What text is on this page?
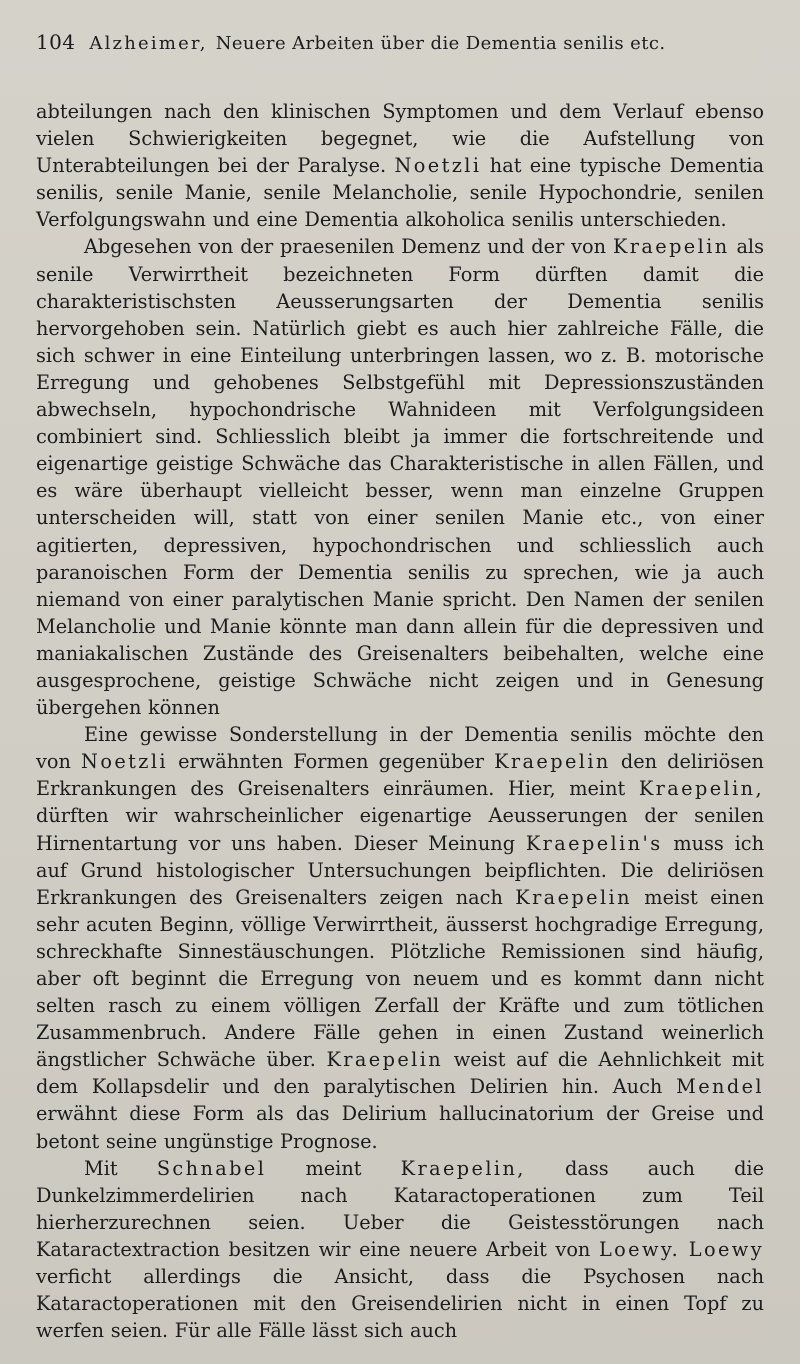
104 Alzheimer, Neuere Arbeiten über die Dementia senilis etc.

abteilungen nach den klinischen Symptomen und dem Verlauf ebenso vielen Schwierigkeiten begegnet, wie die Aufstellung von Unterabteilungen bei der Paralyse. Noetzli hat eine typische Dementia senilis, senile Manie, senile Melancholie, senile Hypochondrie, senilen Verfolgungswahn und eine Dementia alkoholica senilis unterschieden.

Abgesehen von der praesenilen Demenz und der von Kraepelin als senile Verwirrtheit bezeichneten Form dürften damit die charakteristischsten Aeusserungsarten der Dementia senilis hervorgehoben sein. Natürlich giebt es auch hier zahlreiche Fälle, die sich schwer in eine Einteilung unterbringen lassen, wo z. B. motorische Erregung und gehobenes Selbstgefühl mit Depressionszuständen abwechseln, hypochondrische Wahnideen mit Verfolgungsideen combiniert sind. Schliesslich bleibt ja immer die fortschreitende und eigenartige geistige Schwäche das Charakteristische in allen Fällen, und es wäre überhaupt vielleicht besser, wenn man einzelne Gruppen unterscheiden will, statt von einer senilen Manie etc., von einer agitierten, depressiven, hypochondrischen und schliesslich auch paranoischen Form der Dementia senilis zu sprechen, wie ja auch niemand von einer paralytischen Manie spricht. Den Namen der senilen Melancholie und Manie könnte man dann allein für die depressiven und maniakalischen Zustände des Greisenalters beibehalten, welche eine ausgesprochene, geistige Schwäche nicht zeigen und in Genesung übergehen können

Eine gewisse Sonderstellung in der Dementia senilis möchte den von Noetzli erwähnten Formen gegenüber Kraepelin den deliriösen Erkrankungen des Greisenalters einräumen. Hier, meint Kraepelin, dürften wir wahrscheinlicher eigenartige Aeusserungen der senilen Hirnentartung vor uns haben. Dieser Meinung Kraepelin's muss ich auf Grund histologischer Untersuchungen beipflichten. Die deliriösen Erkrankungen des Greisenalters zeigen nach Kraepelin meist einen sehr acuten Beginn, völlige Verwirrtheit, äusserst hochgradige Erregung, schreckhafte Sinnestäuschungen. Plötzliche Remissionen sind häufig, aber oft beginnt die Erregung von neuem und es kommt dann nicht selten rasch zu einem völligen Zerfall der Kräfte und zum tötlichen Zusammenbruch. Andere Fälle gehen in einen Zustand weinerlich ängstlicher Schwäche über. Kraepelin weist auf die Aehnlichkeit mit dem Kollapsdelir und den paralytischen Delirien hin. Auch Mendel erwähnt diese Form als das Delirium hallucinatorium der Greise und betont seine ungünstige Prognose.

Mit Schnabel meint Kraepelin, dass auch die Dunkelzimmerdelirien nach Kataractoperationen zum Teil hierherzurechnen seien. Ueber die Geistesstörungen nach Kataractextraction besitzen wir eine neuere Arbeit von Loewy. Loewy verficht allerdings die Ansicht, dass die Psychosen nach Kataractoperationen mit den Greisendelirien nicht in einen Topf zu werfen seien. Für alle Fälle lässt sich auch
